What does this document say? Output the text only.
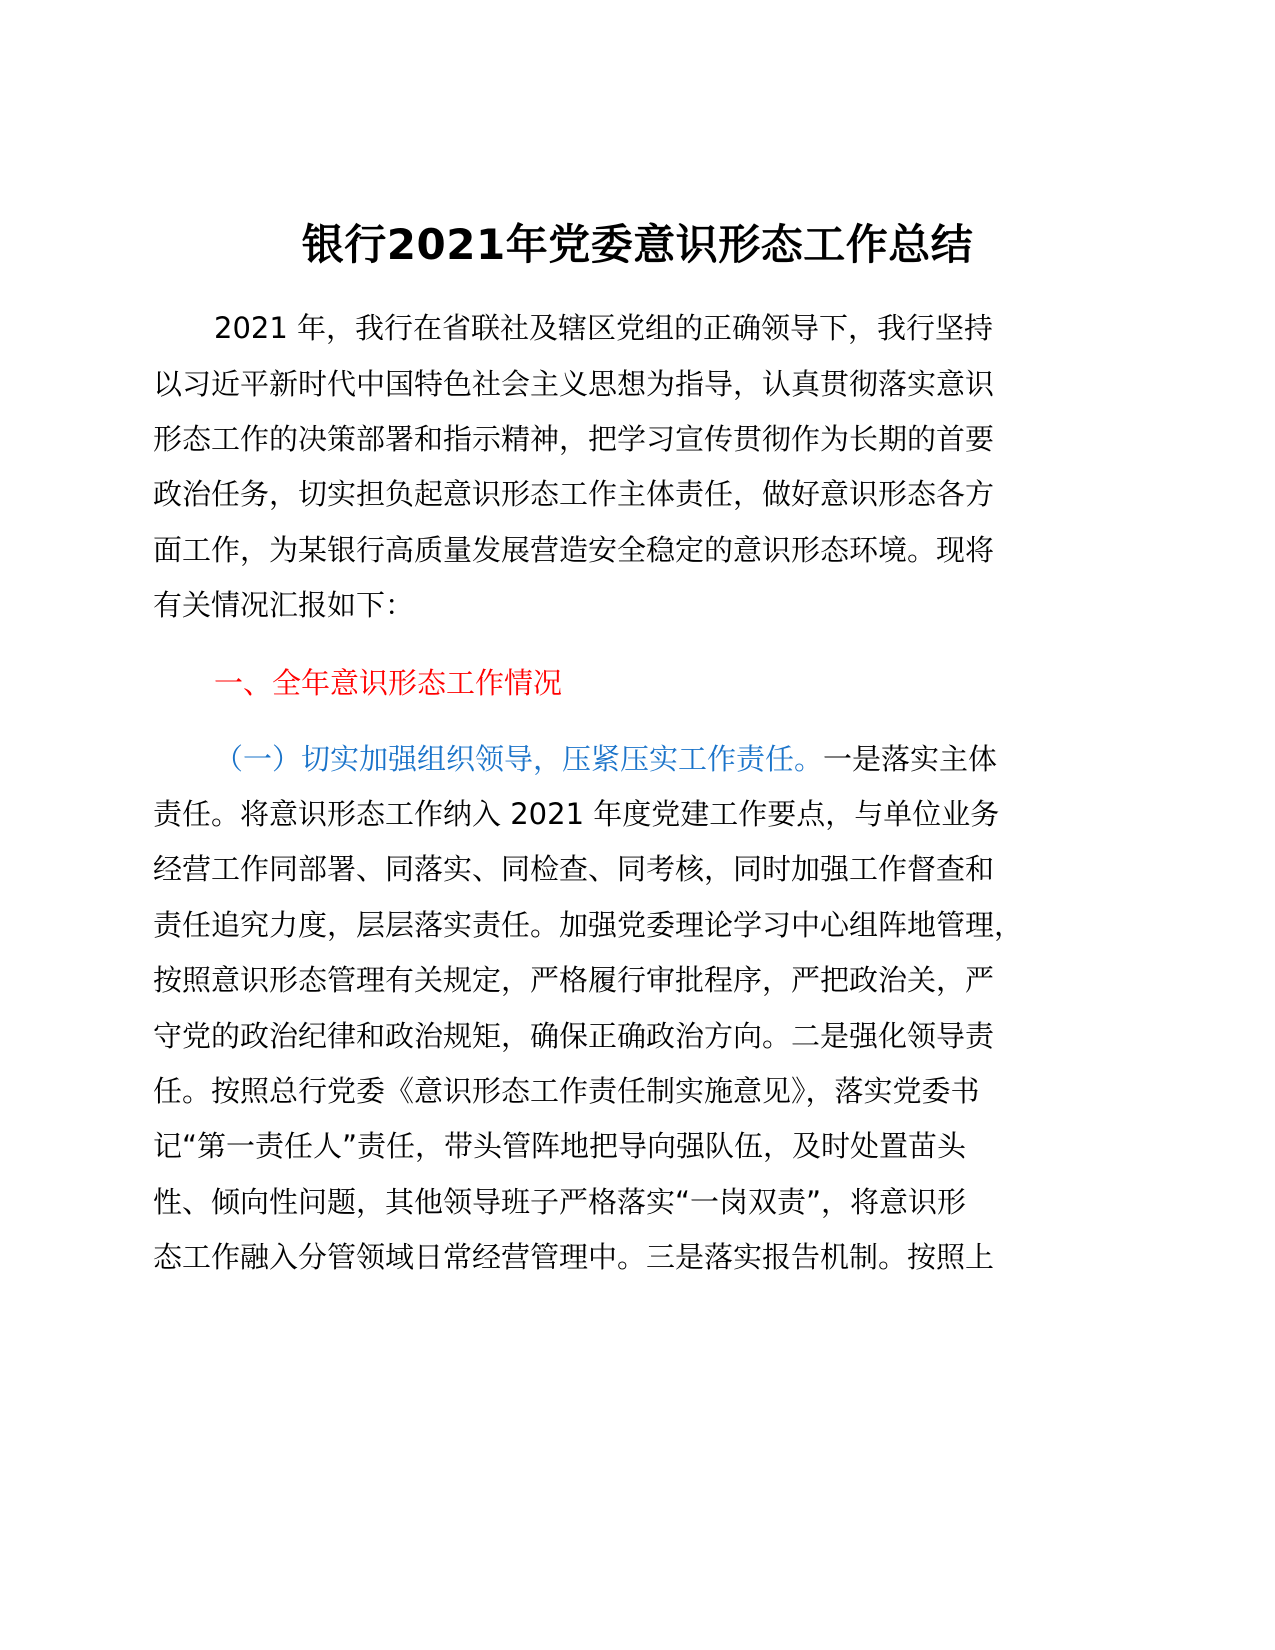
银行2021年党委意识形态工作总结

2021 年，我行在省联社及辖区党组的正确领导下，我行坚持

以习近平新时代中国特色社会主义思想为指导，认真贯彻落实意识

形态工作的决策部署和指示精神，把学习宣传贯彻作为长期的首要

政治任务，切实担负起意识形态工作主体责任，做好意识形态各方

面工作，为某银行高质量发展营造安全稳定的意识形态环境。现将

有关情况汇报如下：

一、全年意识形态工作情况

（一）切实加强组织领导，压紧压实工作责任。一是落实主体

责任。将意识形态工作纳入 2021 年度党建工作要点，与单位业务

经营工作同部署、同落实、同检查、同考核，同时加强工作督查和

责任追究力度，层层落实责任。加强党委理论学习中心组阵地管理，

按照意识形态管理有关规定，严格履行审批程序，严把政治关，严

守党的政治纪律和政治规矩，确保正确政治方向。二是强化领导责

任。按照总行党委《意识形态工作责任制实施意见》，落实党委书

记“第一责任人”责任，带头管阵地把导向强队伍，及时处置苗头

性、倾向性问题，其他领导班子严格落实“一岗双责”，将意识形

态工作融入分管领域日常经营管理中。三是落实报告机制。按照上
